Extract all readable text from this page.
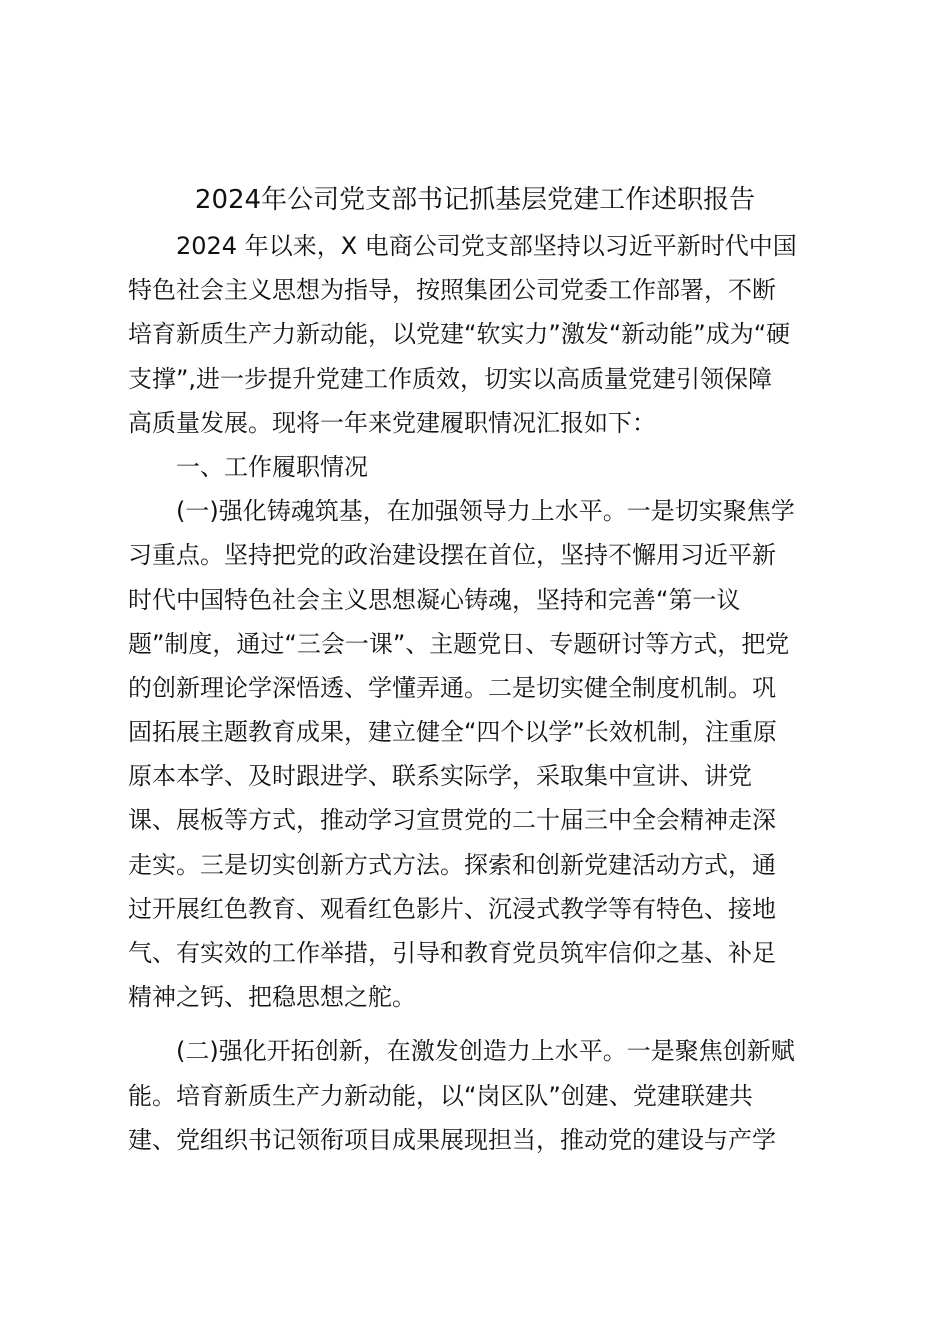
2024年公司党支部书记抓基层党建工作述职报告
2024 年以来，X 电商公司党支部坚持以习近平新时代中国
特色社会主义思想为指导，按照集团公司党委工作部署，不断
培育新质生产力新动能，以党建“软实力”激发“新动能”成为“硬
支撑”,进一步提升党建工作质效，切实以高质量党建引领保障
高质量发展。现将一年来党建履职情况汇报如下：
一、工作履职情况
(一)强化铸魂筑基，在加强领导力上水平。一是切实聚焦学
习重点。坚持把党的政治建设摆在首位，坚持不懈用习近平新
时代中国特色社会主义思想凝心铸魂，坚持和完善“第一议
题”制度，通过“三会一课”、主题党日、专题研讨等方式，把党
的创新理论学深悟透、学懂弄通。二是切实健全制度机制。巩
固拓展主题教育成果，建立健全“四个以学”长效机制，注重原
原本本学、及时跟进学、联系实际学，采取集中宣讲、讲党
课、展板等方式，推动学习宣贯党的二十届三中全会精神走深
走实。三是切实创新方式方法。探索和创新党建活动方式，通
过开展红色教育、观看红色影片、沉浸式教学等有特色、接地
气、有实效的工作举措，引导和教育党员筑牢信仰之基、补足
精神之钙、把稳思想之舵。
(二)强化开拓创新，在激发创造力上水平。一是聚焦创新赋
能。培育新质生产力新动能，以“岗区队”创建、党建联建共
建、党组织书记领衔项目成果展现担当，推动党的建设与产学
